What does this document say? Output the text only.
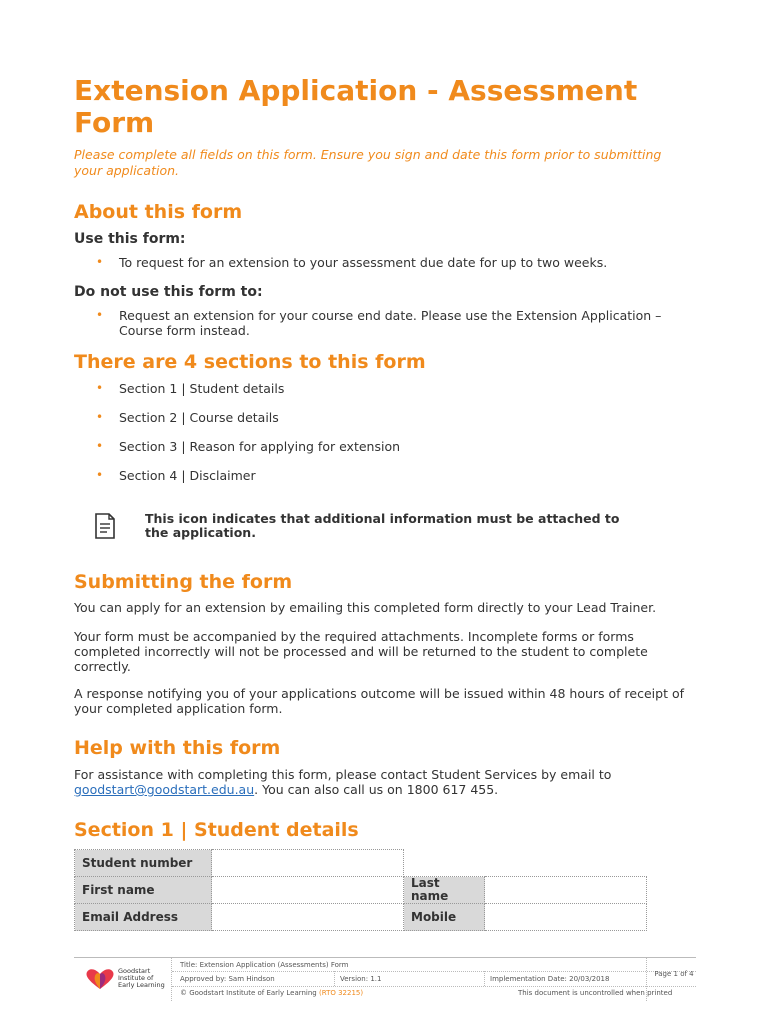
Extension Application - Assessment Form
Please complete all fields on this form. Ensure you sign and date this form prior to submitting your application.
About this form
Use this form:
• To request for an extension to your assessment due date for up to two weeks.
Do not use this form to:
• Request an extension for your course end date. Please use the Extension Application – Course form instead.
There are 4 sections to this form
• Section 1 | Student details
• Section 2 | Course details
• Section 3 | Reason for applying for extension
• Section 4 | Disclaimer
Submitting the form

You can apply for an extension by emailing this completed form directly to your Lead Trainer.

Your form must be accompanied by the required attachments. Incomplete forms or forms completed incorrectly will not be processed and will be returned to the student to complete correctly.

A response notifying you of your applications outcome will be issued within 48 hours of receipt of your completed application form.

Help with this form

For assistance with completing this form, please contact Student Services by email to
goodstart@goodstart.edu.au. You can also call us on 1800 617 455.

Section 1 | Student details
This icon indicates that additional information must be attached to the application.
Student number			
First name		Last name	
Email Address		Mobile	
Goodstart Institute of Early Learning
Title: Extension Application (Assessments) Form
Approved by: Sam Hindson	Version: 1.1	Implementation Date: 20/03/2018
Page 1 of 4
© Goodstart Institute of Early Learning (RTO 32215)	This document is uncontrolled when printed
